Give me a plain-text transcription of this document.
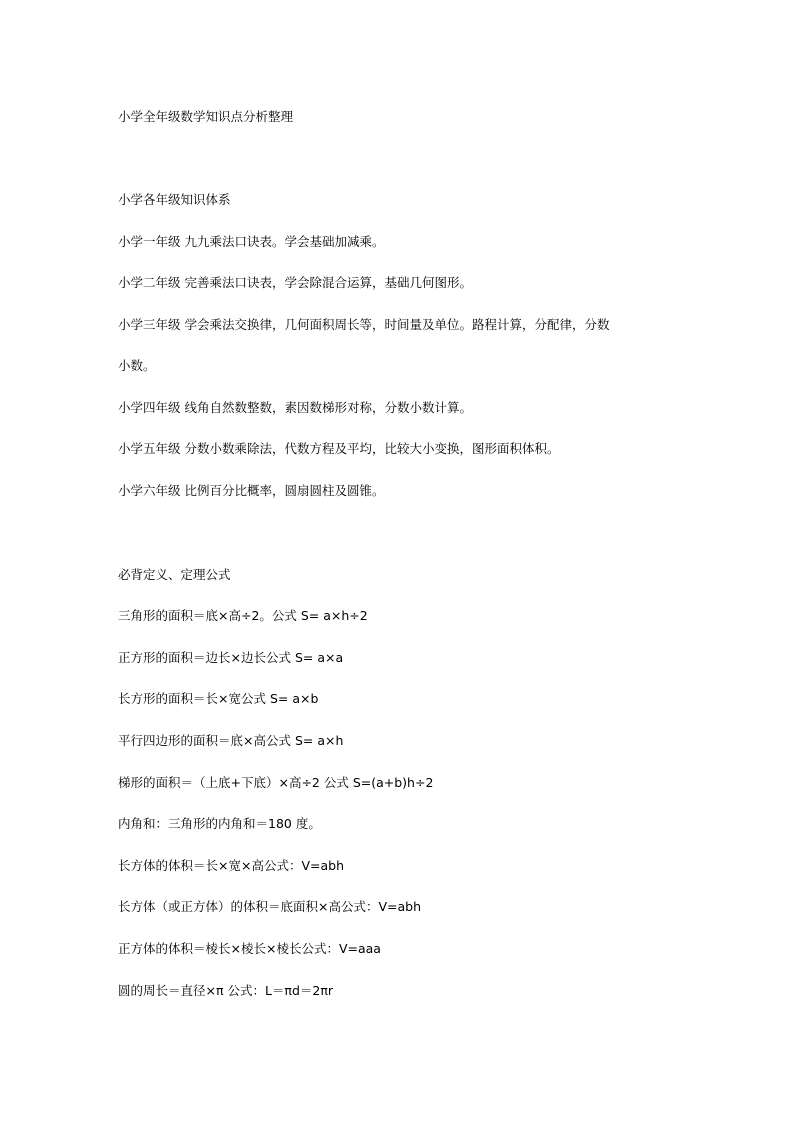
小学全年级数学知识点分析整理
小学各年级知识体系
小学一年级 九九乘法口诀表。学会基础加减乘。
小学二年级 完善乘法口诀表，学会除混合运算，基础几何图形。
小学三年级 学会乘法交换律，几何面积周长等，时间量及单位。路程计算，分配律，分数
小数。
小学四年级 线角自然数整数，素因数梯形对称，分数小数计算。
小学五年级 分数小数乘除法，代数方程及平均，比较大小变换，图形面积体积。
小学六年级 比例百分比概率，圆扇圆柱及圆锥。
必背定义、定理公式
三角形的面积＝底×高÷2。公式 S= a×h÷2
正方形的面积＝边长×边长公式 S= a×a
长方形的面积＝长×宽公式 S= a×b
平行四边形的面积＝底×高公式 S= a×h
梯形的面积＝（上底+下底）×高÷2 公式 S=(a+b)h÷2
内角和：三角形的内角和＝180 度。
长方体的体积＝长×宽×高公式：V=abh
长方体（或正方体）的体积＝底面积×高公式：V=abh
正方体的体积＝棱长×棱长×棱长公式：V=aaa
圆的周长＝直径×π 公式：L＝πd＝2πr
